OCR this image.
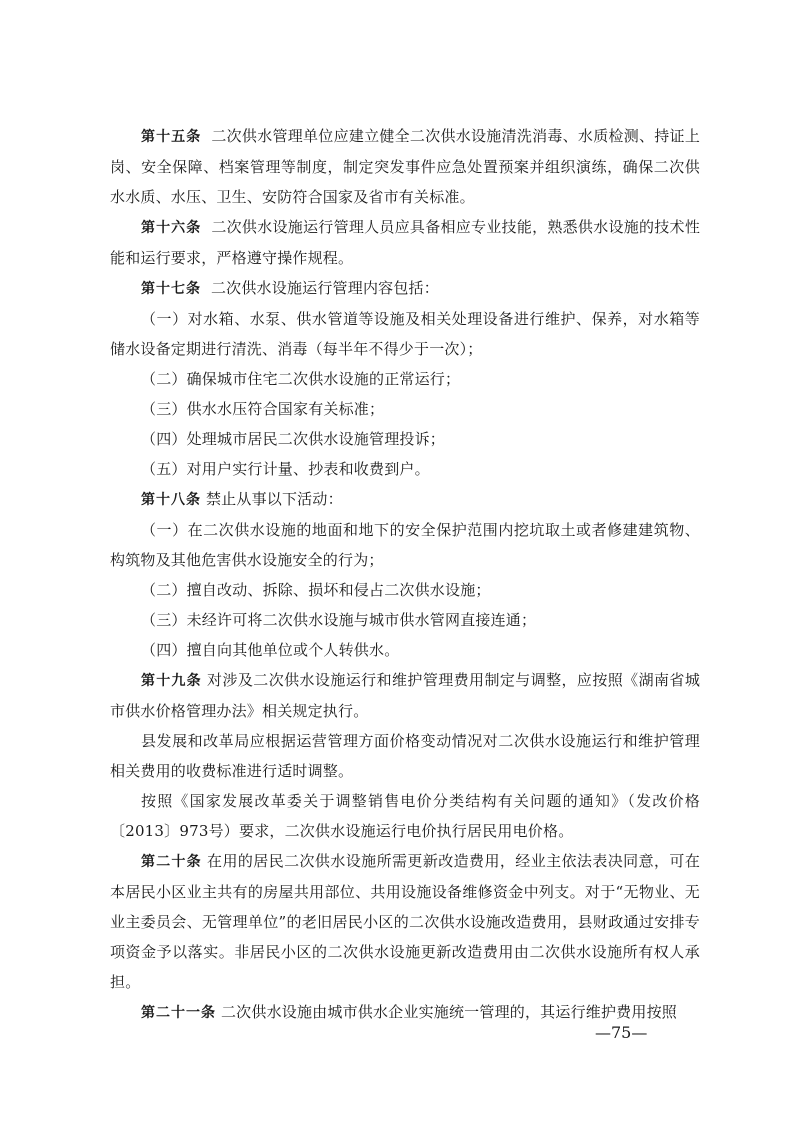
第十五条 二次供水管理单位应建立健全二次供水设施清洗消毒、水质检测、持证上岗、安全保障、档案管理等制度，制定突发事件应急处置预案并组织演练，确保二次供水水质、水压、卫生、安防符合国家及省市有关标准。

第十六条 二次供水设施运行管理人员应具备相应专业技能，熟悉供水设施的技术性能和运行要求，严格遵守操作规程。

第十七条 二次供水设施运行管理内容包括：

（一）对水箱、水泵、供水管道等设施及相关处理设备进行维护、保养，对水箱等储水设备定期进行清洗、消毒（每半年不得少于一次）；

（二）确保城市住宅二次供水设施的正常运行；

（三）供水水压符合国家有关标准；

（四）处理城市居民二次供水设施管理投诉；

（五）对用户实行计量、抄表和收费到户。

第十八条 禁止从事以下活动：

（一）在二次供水设施的地面和地下的安全保护范围内挖坑取土或者修建建筑物、构筑物及其他危害供水设施安全的行为；

（二）擅自改动、拆除、损坏和侵占二次供水设施；

（三）未经许可将二次供水设施与城市供水管网直接连通；

（四）擅自向其他单位或个人转供水。

第十九条 对涉及二次供水设施运行和维护管理费用制定与调整，应按照《湖南省城市供水价格管理办法》相关规定执行。

县发展和改革局应根据运营管理方面价格变动情况对二次供水设施运行和维护管理相关费用的收费标准进行适时调整。

按照《国家发展改革委关于调整销售电价分类结构有关问题的通知》（发改价格〔2013〕973号）要求，二次供水设施运行电价执行居民用电价格。

第二十条 在用的居民二次供水设施所需更新改造费用，经业主依法表决同意，可在本居民小区业主共有的房屋共用部位、共用设施设备维修资金中列支。对于“无物业、无业主委员会、无管理单位”的老旧居民小区的二次供水设施改造费用，县财政通过安排专项资金予以落实。非居民小区的二次供水设施更新改造费用由二次供水设施所有权人承担。

第二十一条 二次供水设施由城市供水企业实施统一管理的，其运行维护费用按照

—75—
